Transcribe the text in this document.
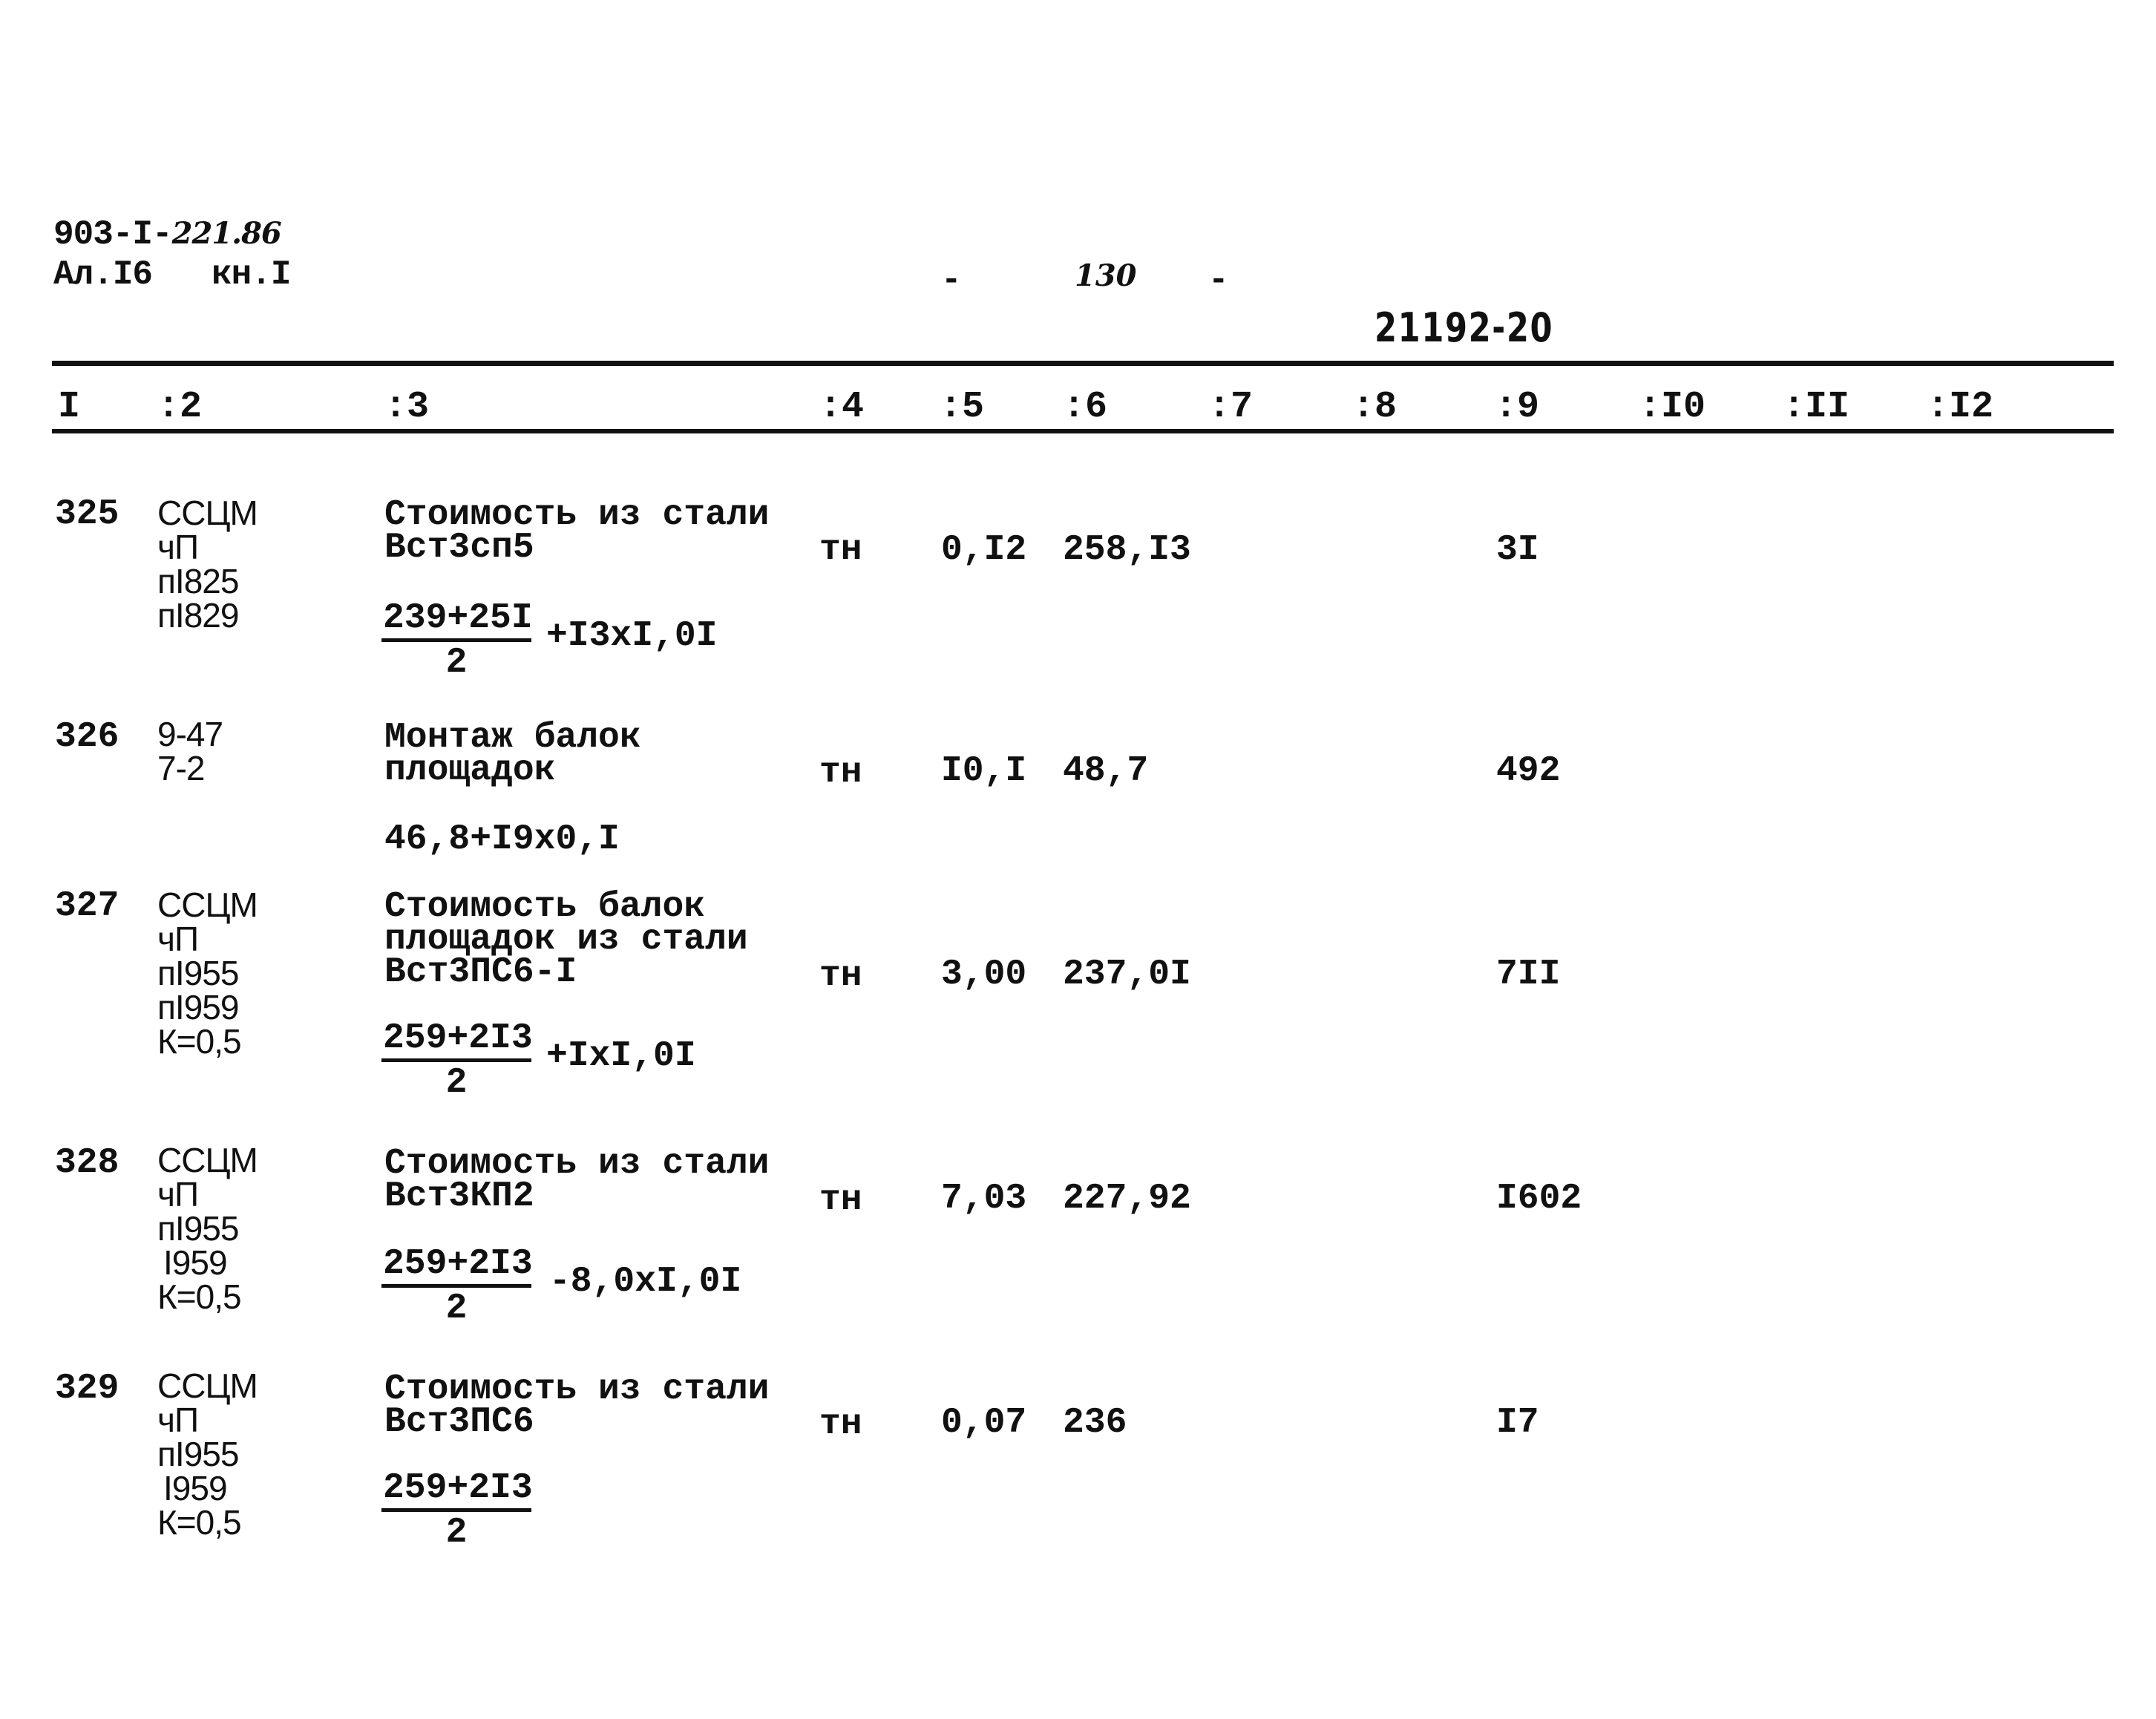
903-I-221.86
Ал.I6 кн.I	-	130 -
21192-20
I :2	:3	:4 :5 :6	:7	:8	:9	:I0 :II :I2
325 ССЦМ
чП
пI825
пI829
Стоимость из стали
Вст3сп5
$\frac{239+25I}{2} +I3xI,0I$
тн 0,I2 258,I3	3I
326 9-47
7-2
Монтаж балок
площадок
46,8+I9x0,I
тн I0,I 48,7	492
327 ССЦМ
чП
пI955
пI959
К=0,5
Стоимость балок
площадок из стали
Вст3ПС6-I
$\frac{259+2I3}{2} +IxI,0I$
тн 3,00 237,0I	7II
328 ССЦМ
чП
пI955
I959
К=0,5
Стоимость из стали
Вст3КП2
$\frac{259+2I3}{2} -8,0xI,0I$
тн 7,03 227,92	I602
329 ССЦМ
чП
пI955
I959
К=0,5
Стоимость из стали
Вст3ПС6
$\frac{259+2I3}{2}$
тн 0,07 236	I7
